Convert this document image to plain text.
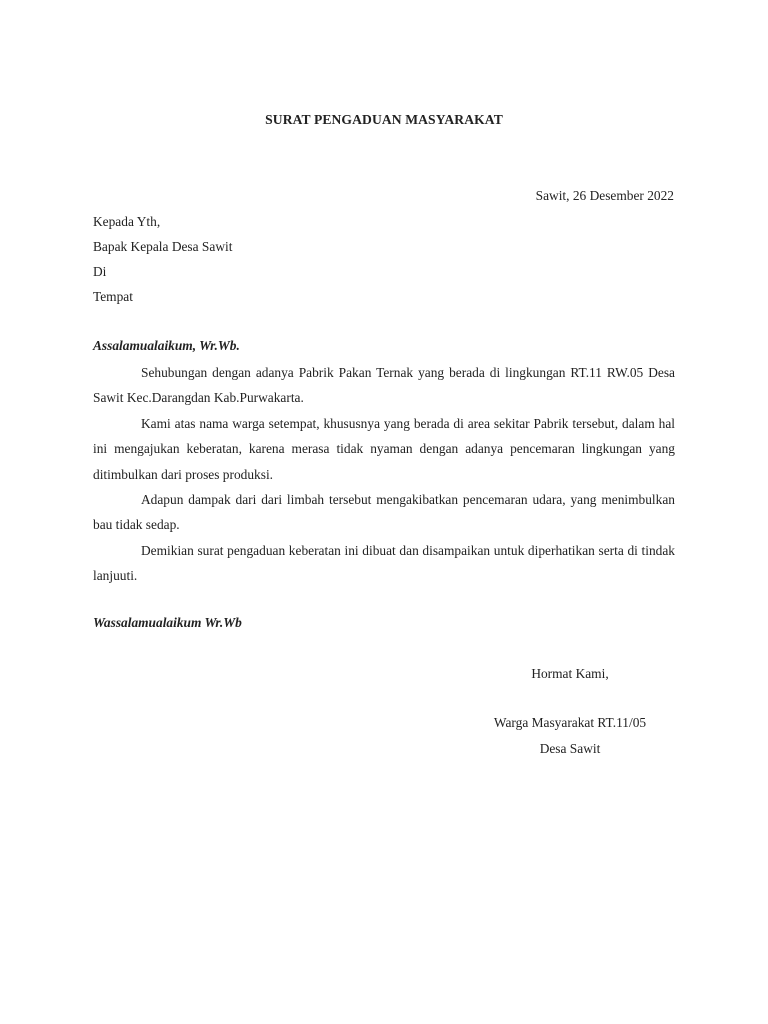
SURAT PENGADUAN MASYARAKAT
Sawit, 26 Desember 2022
Kepada Yth,
Bapak Kepala Desa Sawit
Di
Tempat
Assalamualaikum, Wr.Wb.

Sehubungan dengan adanya Pabrik Pakan Ternak yang berada di lingkungan RT.11 RW.05 Desa Sawit Kec.Darangdan Kab.Purwakarta.

Kami atas nama warga setempat, khususnya yang berada di area sekitar Pabrik tersebut, dalam hal ini mengajukan keberatan, karena merasa tidak nyaman dengan adanya pencemaran lingkungan yang ditimbulkan dari proses produksi.

Adapun dampak dari dari limbah tersebut mengakibatkan pencemaran udara, yang menimbulkan bau tidak sedap.

Demikian surat pengaduan keberatan ini dibuat dan disampaikan untuk diperhatikan serta di tindak lanjuuti.

Wassalamualaikum Wr.Wb
Hormat Kami,
Warga Masyarakat RT.11/05
Desa Sawit
